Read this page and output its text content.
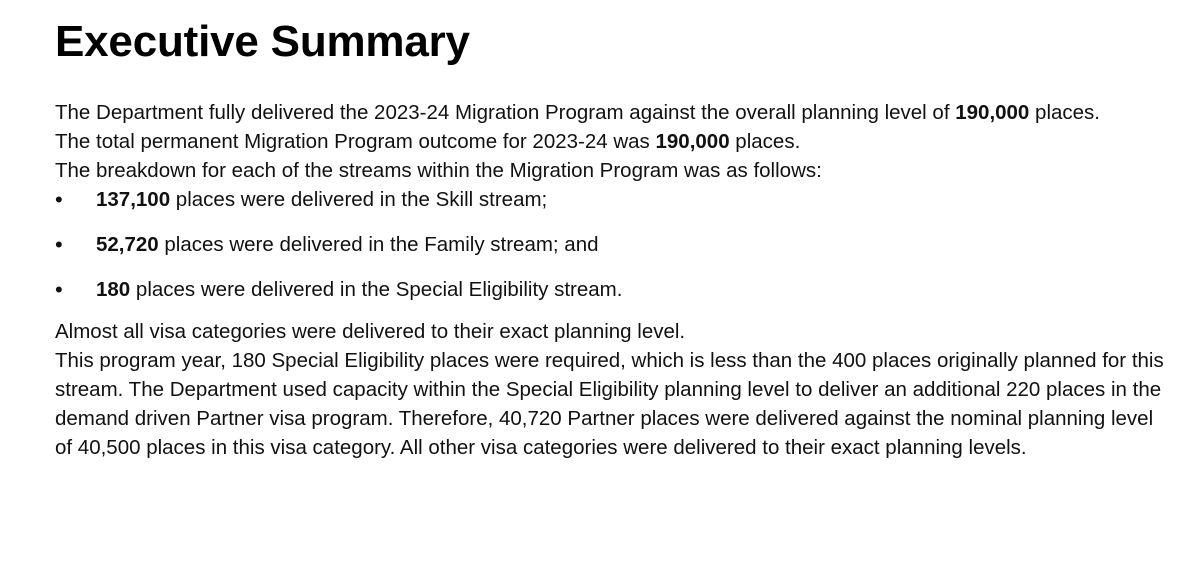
Executive Summary

The Department fully delivered the 2023-24 Migration Program against the overall planning level of 190,000 places.

The total permanent Migration Program outcome for 2023-24 was 190,000 places.

The breakdown for each of the streams within the Migration Program was as follows:

• 137,100 places were delivered in the Skill stream;
• 52,720 places were delivered in the Family stream; and
• 180 places were delivered in the Special Eligibility stream.

Almost all visa categories were delivered to their exact planning level.

This program year, 180 Special Eligibility places were required, which is less than the 400 places originally planned for this stream. The Department used capacity within the Special Eligibility planning level to deliver an additional 220 places in the demand driven Partner visa program. Therefore, 40,720 Partner places were delivered against the nominal planning level of 40,500 places in this visa category. All other visa categories were delivered to their exact planning levels.
